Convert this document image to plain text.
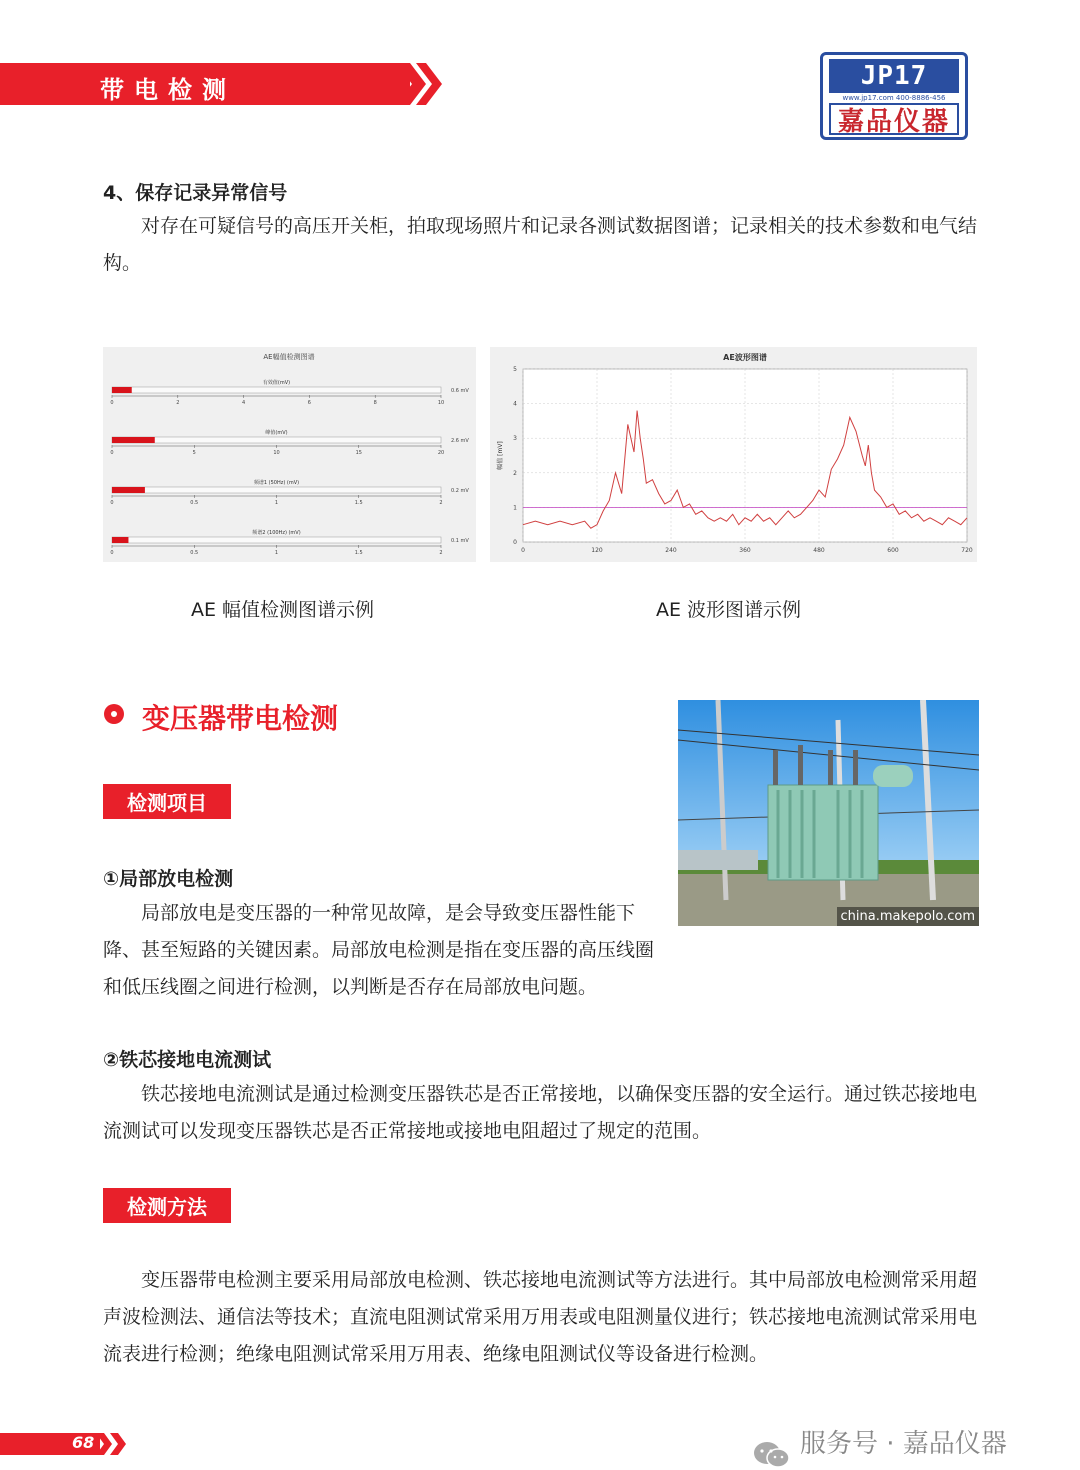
带电检测	JP17
www.jp17.com 400-8886-456
嘉品仪器
4、保存记录异常信号
对存在可疑信号的高压开关柜，拍取现场照片和记录各测试数据图谱；记录相关的技术参数和电气结构。
AE幅值检测图谱
有效值(mV)
0	2	4	6	8	10
0.6 mV
峰值(mV)
0	5	10	15	20
2.6 mV
频谱1 (50Hz) (mV)
0	0.5	1	1.5	2
0.2 mV
频谱2 (100Hz) (mV)
0	0.5	1	1.5	2
0.1 mV
AE波形图谱
0	120	240	360	480	600	720
0
1
2
3
4
5
幅值 [mV]
AE 幅值检测图谱示例	AE 波形图谱示例
变压器带电检测
检测项目
①局部放电检测
局部放电是变压器的一种常见故障，是会导致变压器性能下降、甚至短路的关键因素。局部放电检测是指在变压器的高压线圈和低压线圈之间进行检测，以判断是否存在局部放电问题。
china.makepolo.com
②铁芯接地电流测试
铁芯接地电流测试是通过检测变压器铁芯是否正常接地，以确保变压器的安全运行。通过铁芯接地电流测试可以发现变压器铁芯是否正常接地或接地电阻超过了规定的范围。
检测方法
变压器带电检测主要采用局部放电检测、铁芯接地电流测试等方法进行。其中局部放电检测常采用超声波检测法、通信法等技术；直流电阻测试常采用万用表或电阻测量仪进行；铁芯接地电流测试常采用电流表进行检测；绝缘电阻测试常采用万用表、绝缘电阻测试仪等设备进行检测。
68	服务号 · 嘉品仪器
